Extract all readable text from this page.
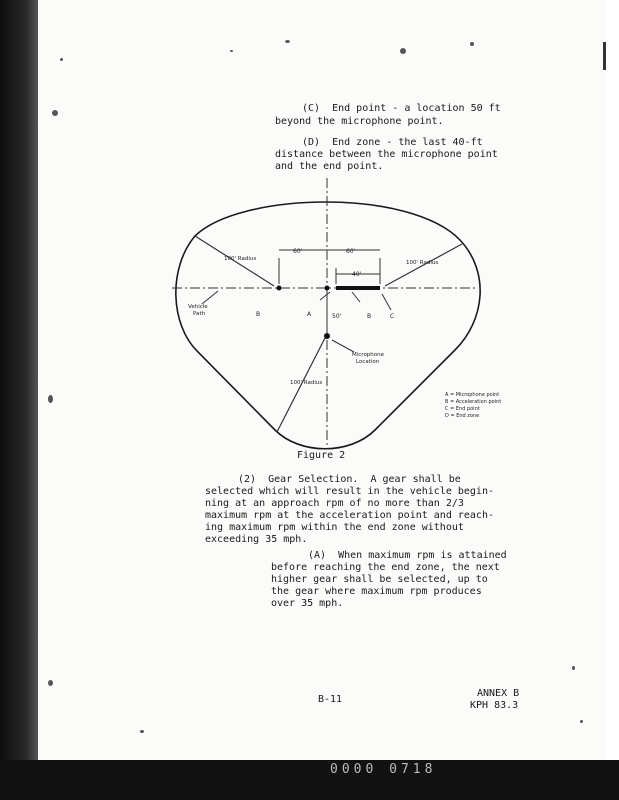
(C)  End point - a location 50 ft
beyond the microphone point.
(D)  End zone - the last 40-ft
distance between the microphone point
and the end point.
60'	60'
40'
50'
100' Radius
100' Radius
100' Radius
Vehicle
Path
Microphone
Location
B	A	B	C
A = Microphone point
B = Acceleration point
C = End point
D = End zone
Figure 2
(2)  Gear Selection.  A gear shall be
selected which will result in the vehicle begin-
ning at an approach rpm of no more than 2/3
maximum rpm at the acceleration point and reach-
ing maximum rpm within the end zone without
exceeding 35 mph.
(A)  When maximum rpm is attained
before reaching the end zone, the next
higher gear shall be selected, up to
the gear where maximum rpm produces
over 35 mph.
B-11
ANNEX B
KPH 83.3
0000 0718
